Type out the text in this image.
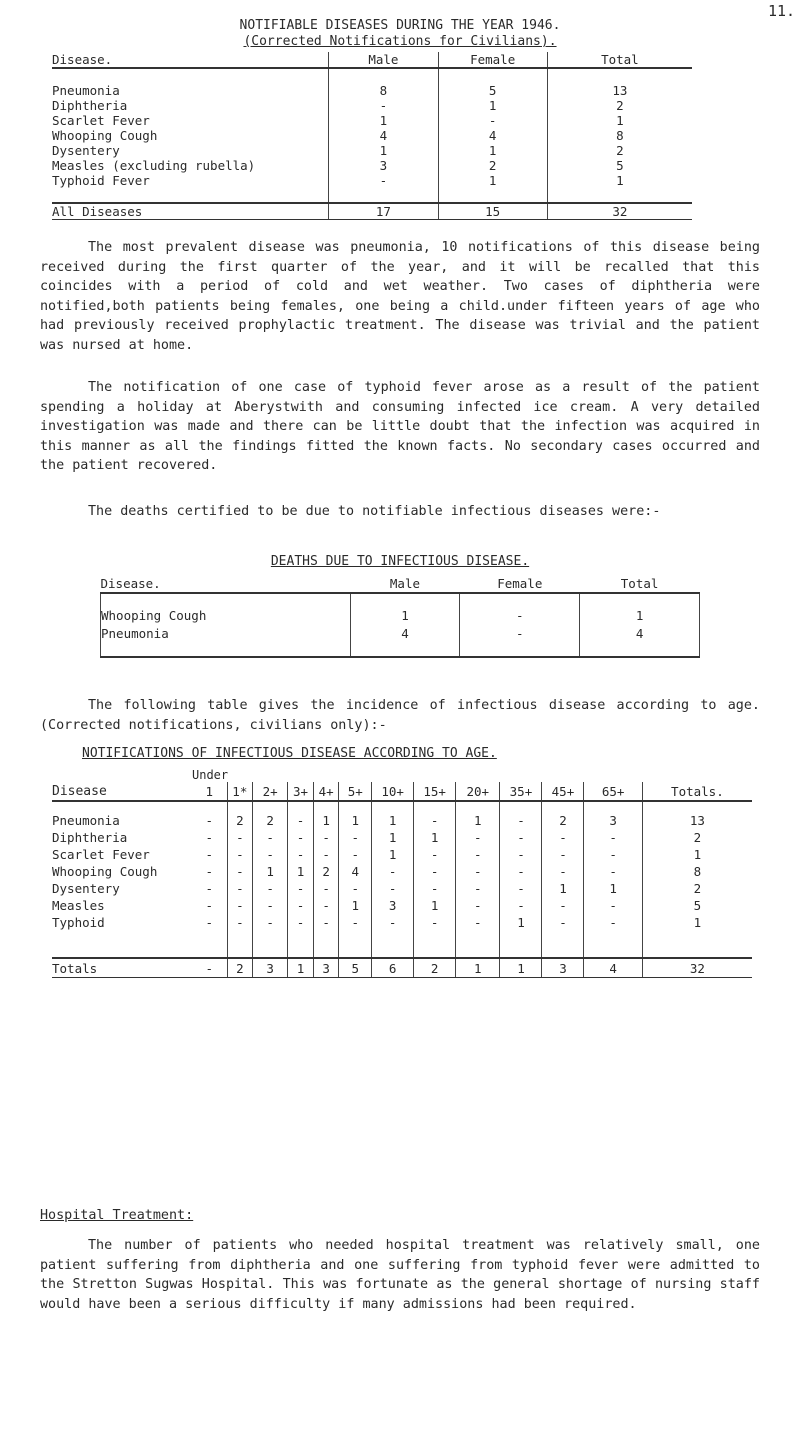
11.
NOTIFIABLE DISEASES DURING THE YEAR 1946.
(Corrected Notifications for Civilians).
Disease.	Male	Female	Total

Pneumonia	8	5	13
Diphtheria	-	1	2
Scarlet Fever	1	-	1
Whooping Cough	4	4	8
Dysentery	1	1	2
Measles (excluding rubella)	3	2	5
Typhoid Fever	-	1	1

All Diseases	17	15	32

The most prevalent disease was pneumonia, 10 notifications of this disease being received during the first quarter of the year, and it will be recalled that this coincides with a period of cold and wet weather. Two cases of diphtheria were notified,both patients being females, one being a child.under fifteen years of age who had previously received prophylactic treatment. The disease was trivial and the patient was nursed at home.

The notification of one case of typhoid fever arose as a result of the patient spending a holiday at Aberystwith and consuming infected ice cream. A very detailed investigation was made and there can be little doubt that the infection was acquired in this manner as all the findings fitted the known facts. No secondary cases occurred and the patient recovered.

The deaths certified to be due to notifiable infectious diseases were:-

DEATHS DUE TO INFECTIOUS DISEASE.
Disease.	Male	Female	Total

Whooping Cough	1	-	1
Pneumonia	4	-	4

The following table gives the incidence of infectious disease according to age. (Corrected notifications, civilians only):-

NOTIFICATIONS OF INFECTIOUS DISEASE ACCORDING TO AGE.
	Under												
Disease	1	1*	2+	3+	4+	5+	10+	15+	20+	35+	45+	65+	Totals.

Pneumonia	-	2	2	-	1	1	1	-	1	-	2	3	13
Diphtheria	-	-	-	-	-	-	1	1	-	-	-	-	2
Scarlet Fever	-	-	-	-	-	-	1	-	-	-	-	-	1
Whooping Cough	-	-	1	1	2	4	-	-	-	-	-	-	8
Dysentery	-	-	-	-	-	-	-	-	-	-	1	1	2
Measles	-	-	-	-	-	1	3	1	-	-	-	-	5
Typhoid	-	-	-	-	-	-	-	-	-	1	-	-	1

Totals	-	2	3	1	3	5	6	2	1	1	3	4	32
Hospital Treatment:

The number of patients who needed hospital treatment was relatively small, one patient suffering from diphtheria and one suffering from typhoid fever were admitted to the Stretton Sugwas Hospital. This was fortunate as the general shortage of nursing staff would have been a serious difficulty if many admissions had been required.
